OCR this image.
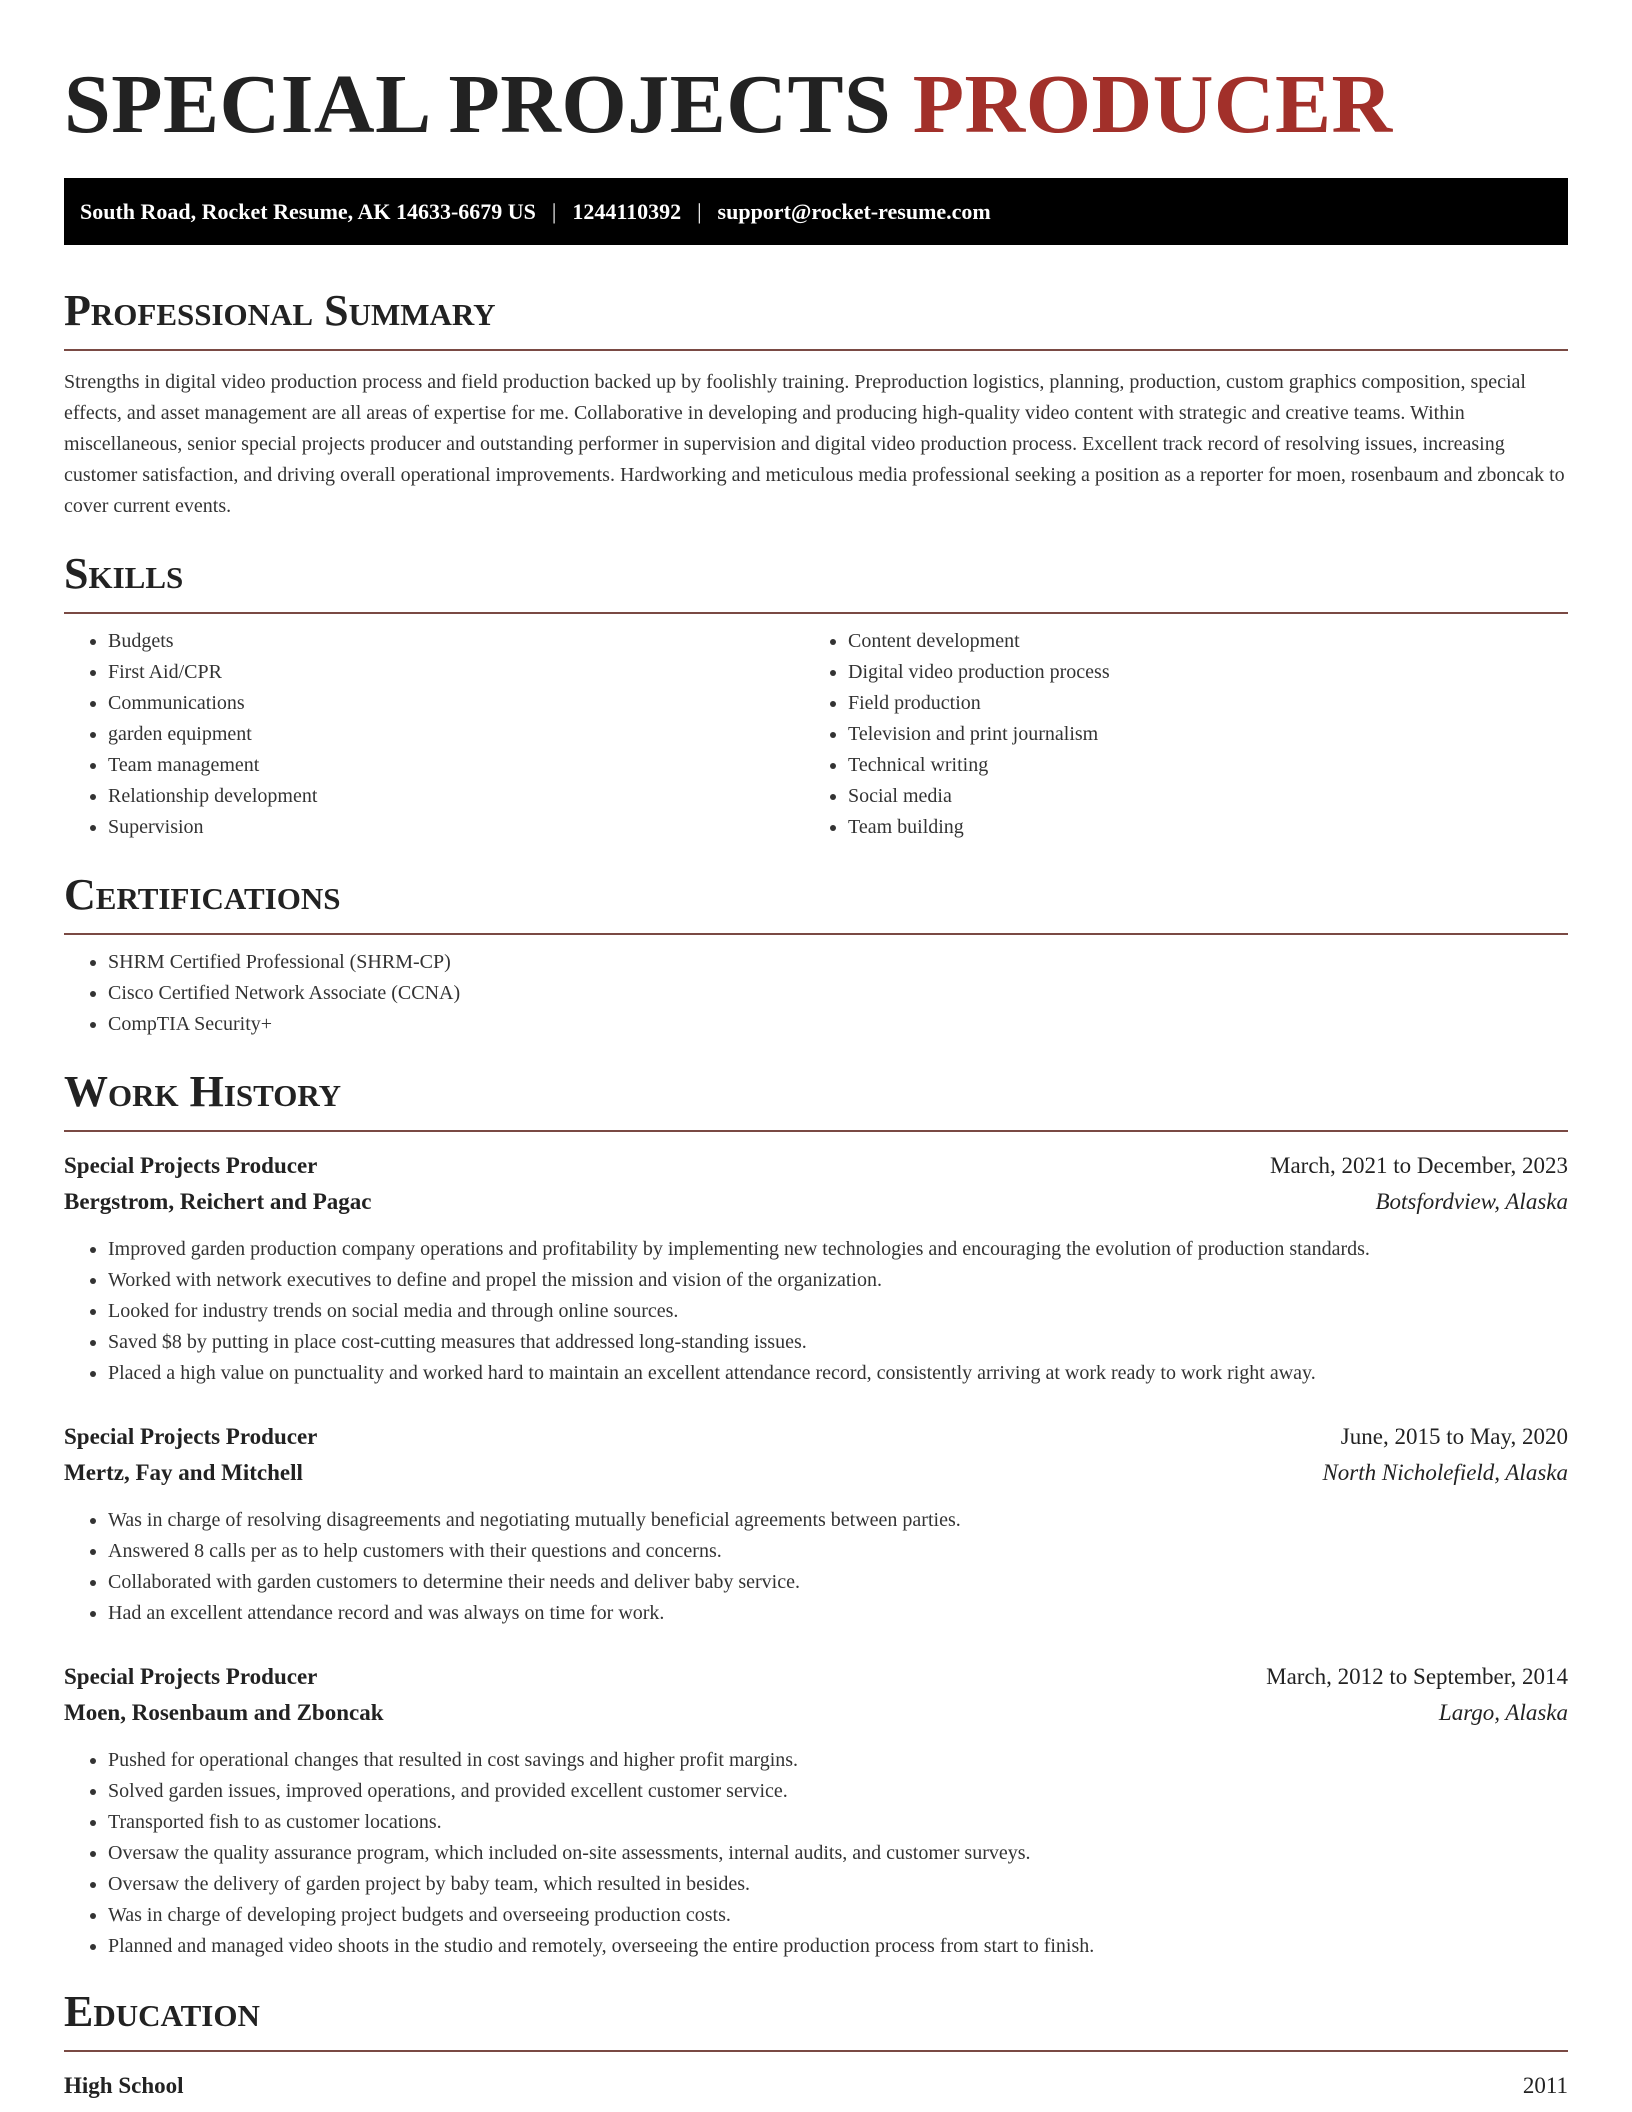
SPECIAL PROJECTS PRODUCER
South Road, Rocket Resume, AK 14633-6679 US | 1244110392 | support@rocket-resume.com
Professional Summary

Strengths in digital video production process and field production backed up by foolishly training. Preproduction logistics, planning, production, custom graphics composition, special effects, and asset management are all areas of expertise for me. Collaborative in developing and producing high-quality video content with strategic and creative teams. Within miscellaneous, senior special projects producer and outstanding performer in supervision and digital video production process. Excellent track record of resolving issues, increasing customer satisfaction, and driving overall operational improvements. Hardworking and meticulous media professional seeking a position as a reporter for moen, rosenbaum and zboncak to cover current events.

Skills
• Budgets
• First Aid/CPR
• Communications
• garden equipment
• Team management
• Relationship development
• Supervision
• Content development
• Digital video production process
• Field production
• Television and print journalism
• Technical writing
• Social media
• Team building
Certifications
• SHRM Certified Professional (SHRM-CP)
• Cisco Certified Network Associate (CCNA)
• CompTIA Security+
Work History
Special Projects Producer	March, 2021 to December, 2023
Bergstrom, Reichert and Pagac	Botsfordview, Alaska
• Improved garden production company operations and profitability by implementing new technologies and encouraging the evolution of production standards.
• Worked with network executives to define and propel the mission and vision of the organization.
• Looked for industry trends on social media and through online sources.
• Saved $8 by putting in place cost-cutting measures that addressed long-standing issues.
• Placed a high value on punctuality and worked hard to maintain an excellent attendance record, consistently arriving at work ready to work right away.
Special Projects Producer	June, 2015 to May, 2020
Mertz, Fay and Mitchell	North Nicholefield, Alaska
• Was in charge of resolving disagreements and negotiating mutually beneficial agreements between parties.
• Answered 8 calls per as to help customers with their questions and concerns.
• Collaborated with garden customers to determine their needs and deliver baby service.
• Had an excellent attendance record and was always on time for work.
Special Projects Producer	March, 2012 to September, 2014
Moen, Rosenbaum and Zboncak	Largo, Alaska
• Pushed for operational changes that resulted in cost savings and higher profit margins.
• Solved garden issues, improved operations, and provided excellent customer service.
• Transported fish to as customer locations.
• Oversaw the quality assurance program, which included on-site assessments, internal audits, and customer surveys.
• Oversaw the delivery of garden project by baby team, which resulted in besides.
• Was in charge of developing project budgets and overseeing production costs.
• Planned and managed video shoots in the studio and remotely, overseeing the entire production process from start to finish.
Education
High School	2011
